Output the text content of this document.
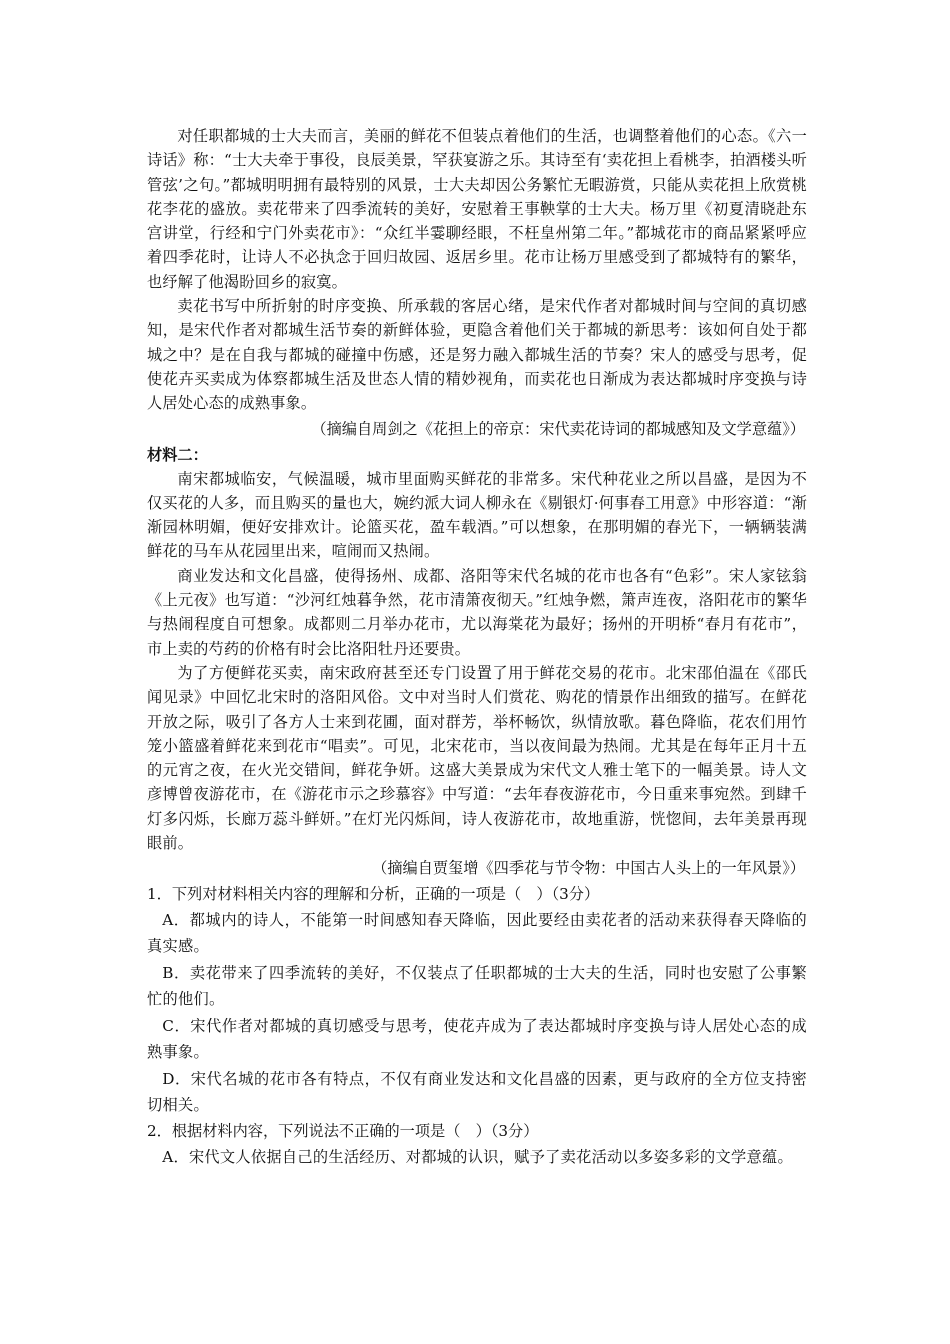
对任职都城的士大夫而言，美丽的鲜花不但装点着他们的生活，也调整着他们的心态。《六一诗话》称：“士大夫牵于事役，良辰美景，罕获宴游之乐。其诗至有‘卖花担上看桃李，拍酒楼头听管弦’之句。”都城明明拥有最特别的风景，士大夫却因公务繁忙无暇游赏，只能从卖花担上欣赏桃花李花的盛放。卖花带来了四季流转的美好，安慰着王事鞅掌的士大夫。杨万里《初夏清晓赴东宫讲堂，行经和宁门外卖花市》：“众红半霎聊经眼，不枉皇州第二年。”都城花市的商品紧紧呼应着四季花时，让诗人不必执念于回归故园、返居乡里。花市让杨万里感受到了都城特有的繁华，也纾解了他渴盼回乡的寂寞。

卖花书写中所折射的时序变换、所承载的客居心绪，是宋代作者对都城时间与空间的真切感知，是宋代作者对都城生活节奏的新鲜体验，更隐含着他们关于都城的新思考：该如何自处于都城之中？是在自我与都城的碰撞中伤感，还是努力融入都城生活的节奏？宋人的感受与思考，促使花卉买卖成为体察都城生活及世态人情的精妙视角，而卖花也日渐成为表达都城时序变换与诗人居处心态的成熟事象。

（摘编自周剑之《花担上的帝京：宋代卖花诗词的都城感知及文学意蕴》）

材料二：

南宋都城临安，气候温暖，城市里面购买鲜花的非常多。宋代种花业之所以昌盛，是因为不仅买花的人多，而且购买的量也大，婉约派大词人柳永在《剔银灯·何事春工用意》中形容道：“渐渐园林明媚，便好安排欢计。论篮买花，盈车载酒。”可以想象，在那明媚的春光下，一辆辆装满鲜花的马车从花园里出来，喧闹而又热闹。

商业发达和文化昌盛，使得扬州、成都、洛阳等宋代名城的花市也各有“色彩”。宋人家铉翁《上元夜》也写道：“沙河红烛暮争然，花市清箫夜彻天。”红烛争燃，箫声连夜，洛阳花市的繁华与热闹程度自可想象。成都则二月举办花市，尤以海棠花为最好；扬州的开明桥“春月有花市”，市上卖的芍药的价格有时会比洛阳牡丹还要贵。

为了方便鲜花买卖，南宋政府甚至还专门设置了用于鲜花交易的花市。北宋邵伯温在《邵氏闻见录》中回忆北宋时的洛阳风俗。文中对当时人们赏花、购花的情景作出细致的描写。在鲜花开放之际，吸引了各方人士来到花圃，面对群芳，举杯畅饮，纵情放歌。暮色降临，花农们用竹笼小篮盛着鲜花来到花市“唱卖”。可见，北宋花市，当以夜间最为热闹。尤其是在每年正月十五的元宵之夜，在火光交错间，鲜花争妍。这盛大美景成为宋代文人雅士笔下的一幅美景。诗人文彦博曾夜游花市，在《游花市示之珍慕容》中写道：“去年春夜游花市，今日重来事宛然。到肆千灯多闪烁，长廊万蕊斗鲜妍。”在灯光闪烁间，诗人夜游花市，故地重游，恍惚间，去年美景再现眼前。

（摘编自贾玺增《四季花与节令物：中国古人头上的一年风景》）

1．下列对材料相关内容的理解和分析，正确的一项是（　）（3分）

A．都城内的诗人，不能第一时间感知春天降临，因此要经由卖花者的活动来获得春天降临的真实感。

B．卖花带来了四季流转的美好，不仅装点了任职都城的士大夫的生活，同时也安慰了公事繁忙的他们。

C．宋代作者对都城的真切感受与思考，使花卉成为了表达都城时序变换与诗人居处心态的成熟事象。

D．宋代名城的花市各有特点，不仅有商业发达和文化昌盛的因素，更与政府的全方位支持密切相关。

2．根据材料内容，下列说法不正确的一项是（　）（3分）

A．宋代文人依据自己的生活经历、对都城的认识，赋予了卖花活动以多姿多彩的文学意蕴。
